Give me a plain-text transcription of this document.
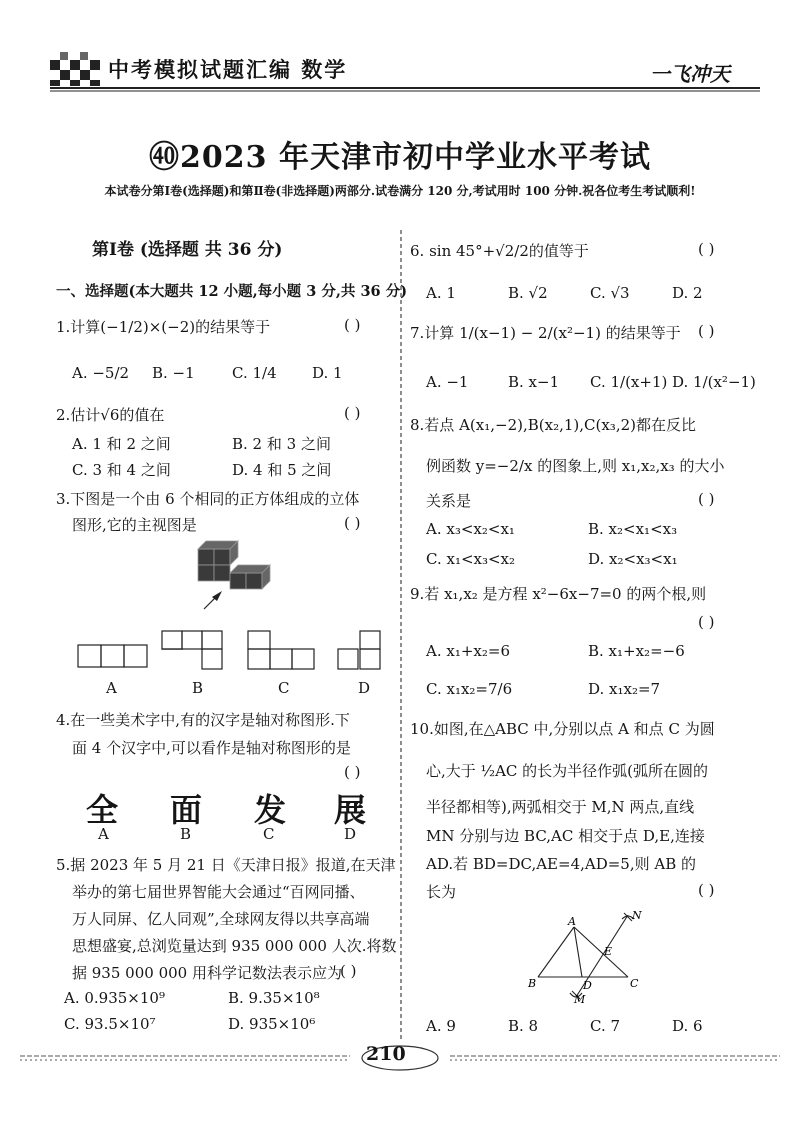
中考模拟试题汇编 数学	一飞冲天
㊵2023 年天津市初中学业水平考试
本试卷分第Ⅰ卷(选择题)和第Ⅱ卷(非选择题)两部分.试卷满分 120 分,考试用时 100 分钟.祝各位考生考试顺利!
第Ⅰ卷 (选择题 共 36 分)
一、选择题(本大题共 12 小题,每小题 3 分,共 36 分)
1.计算(−1/2)×(−2)的结果等于	( )
A. −5/2 B. −1 C. 1/4 D. 1
2.估计√6的值在	( )
A. 1 和 2 之间	B. 2 和 3 之间
C. 3 和 4 之间	D. 4 和 5 之间
3.下图是一个由 6 个相同的正方体组成的立体
图形,它的主视图是	( )
A	B	C	D
4.在一些美术字中,有的汉字是轴对称图形.下
面 4 个汉字中,可以看作是轴对称图形的是
( )
全 面 发 展
A	B	C	D
5.据 2023 年 5 月 21 日《天津日报》报道,在天津
举办的第七届世界智能大会通过“百网同播、
万人同屏、亿人同观”,全球网友得以共享高端
思想盛宴,总浏览量达到 935 000 000 人次.将数
据 935 000 000 用科学记数法表示应为
( )
A. 0.935×10⁹	B. 9.35×10⁸
C. 93.5×10⁷	D. 935×10⁶
6. sin 45°+√2/2的值等于	( )
A. 1	B. √2	C. √3	D. 2
7.计算 1/(x−1) − 2/(x²−1) 的结果等于 ( )
A. −1	B. x−1 C. 1/(x+1) D. 1/(x²−1)
8.若点 A(x₁,−2),B(x₂,1),C(x₃,2)都在反比
例函数 y=−2/x 的图象上,则 x₁,x₂,x₃ 的大小
关系是	( )
A. x₃<x₂<x₁	B. x₂<x₁<x₃
C. x₁<x₃<x₂	D. x₂<x₃<x₁
9.若 x₁,x₂ 是方程 x²−6x−7=0 的两个根,则
( )
A. x₁+x₂=6	B. x₁+x₂=−6
C. x₁x₂=7/6	D. x₁x₂=7
10.如图,在△ABC 中,分别以点 A 和点 C 为圆
心,大于 ½AC 的长为半径作弧(弧所在圆的
半径都相等),两弧相交于 M,N 两点,直线
MN 分别与边 BC,AC 相交于点 D,E,连接
AD.若 BD=DC,AE=4,AD=5,则 AB 的
长为	( )
A
B	C
D
E
M
N
A. 9	B. 8	C. 7	D. 6
210
